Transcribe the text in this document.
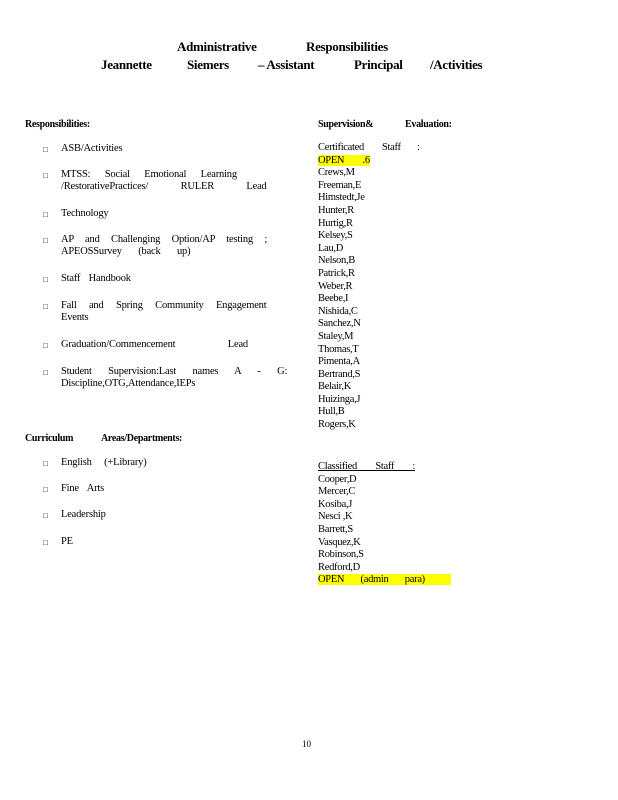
Administrative	Responsibilities
Jeannette	Siemers – Assistant	Principal /Activities
Responsibilities:
□	ASB/Activities
□	MTSS: Social Emotional Learning
/RestorativePractices/ RULER Lead
□	Technology
□	AP and Challenging Option/AP testing ;
APEOSSurvey (back up)
□	Staff Handbook
□	Fall and Spring Community Engagement
Events
□	Graduation/Commencement Lead
□	Student Supervision:Last names A - G:
Discipline,OTG,Attendance,IEPs
Curriculum	Areas/Departments:
□	English (+Library)
□	Fine Arts
□	Leadership
□	PE
Supervision&	Evaluation:
Certificated Staff :
OPEN .6
Crews,M
Freeman,E
Himstedt,Je
Hunter,R
Hurtig,R
Kelsey,S
Lau,D
Nelson,B
Patrick,R
Weber,R
Beebe,I
Nishida,C
Sanchez,N
Staley,M
Thomas,T
Pimenta,A
Bertrand,S
Belair,K
Huizinga,J
Hull,B
Rogers,K
Classified Staff :
Cooper,D
Mercer,C
Kosiba,J
Nesci ,K
Barrett,S
Vasquez,K
Robinson,S
Redford,D
OPEN (admin para)
10
